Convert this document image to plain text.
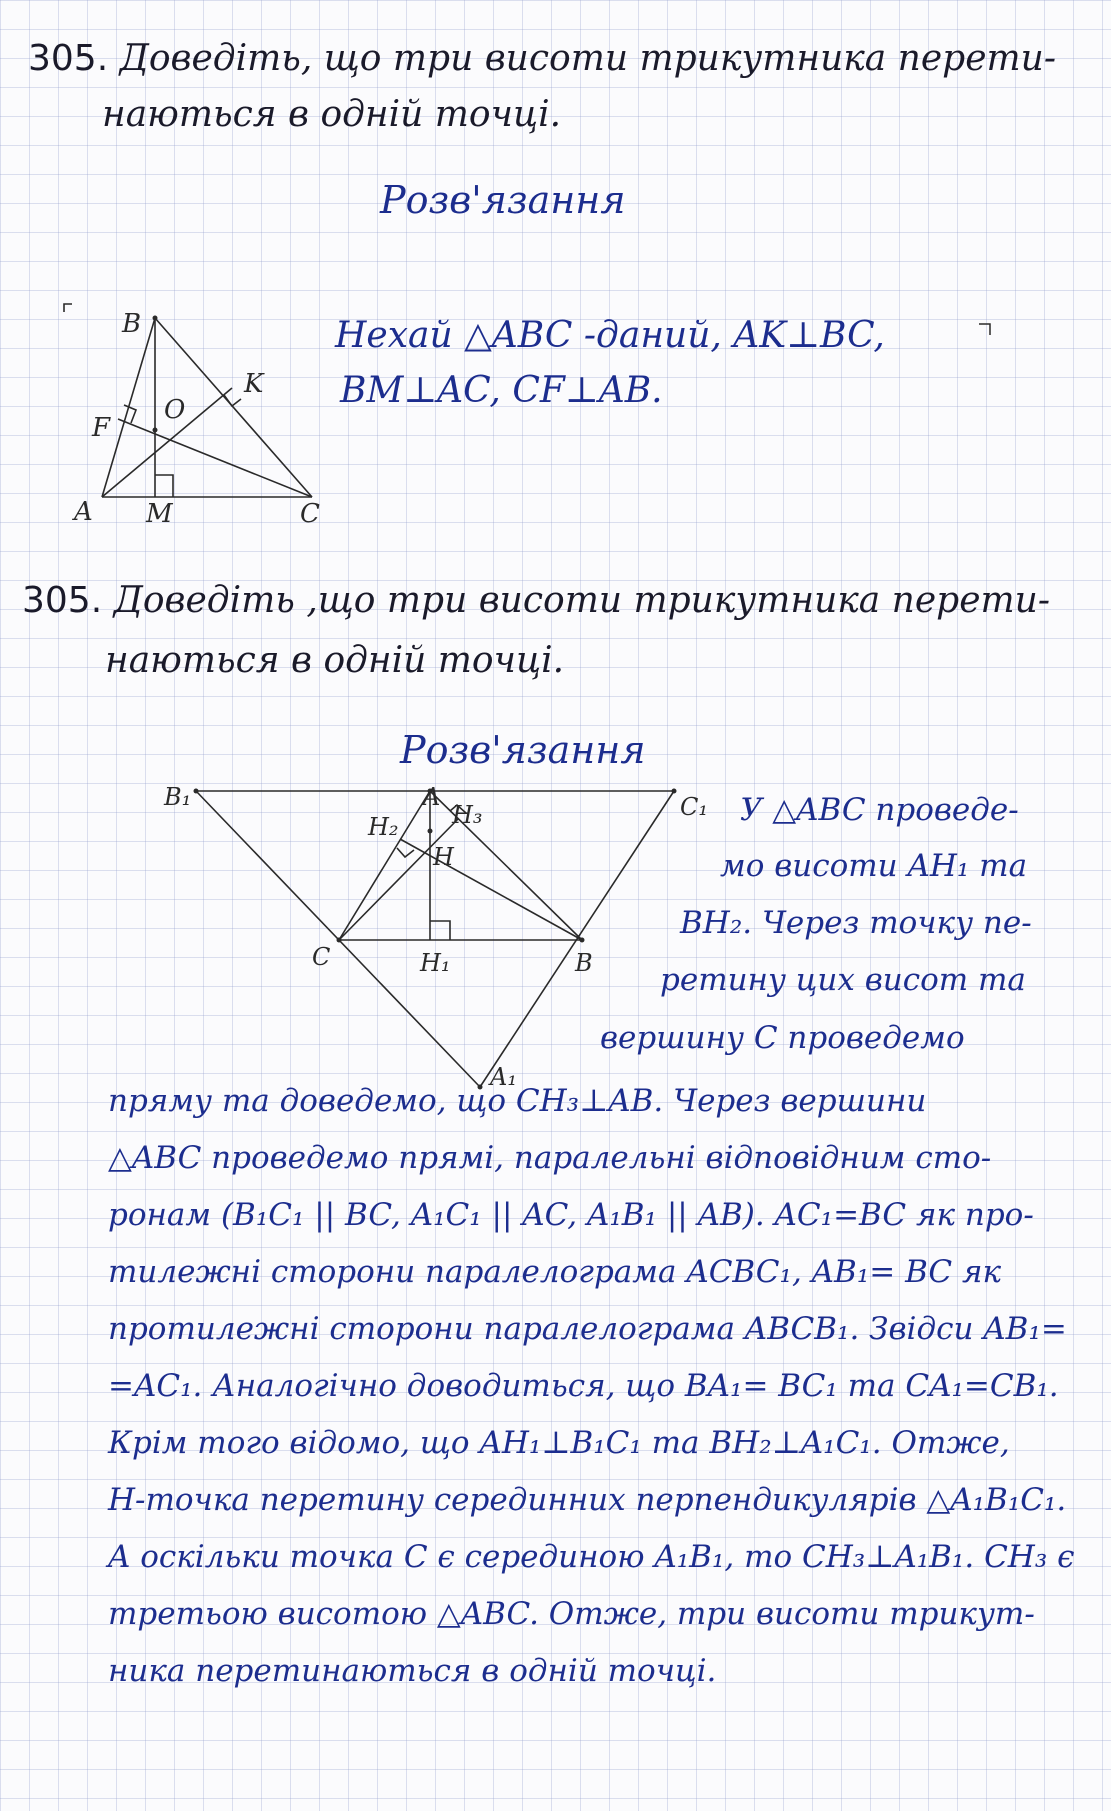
305. Доведіть, що три висоти трикутника перети-
наються в одній точці.
Розв'язання
B
F
O
K
A M	C
Нехай △ABC -даний, AK⊥BC,
BM⊥AC, CF⊥AB.
305. Доведіть ,що три висоти трикутника перети-
наються в одній точці.
Розв'язання
B₁	A
H₂ H₃
H
C₁
C	H₁	B
A₁
У △ABC проведе-
мо висоти AH₁ та
BH₂. Через точку пе-
ретину цих висот та
вершину C проведемо
пряму та доведемо, що CH₃⊥AB. Через вершини
△ABC проведемо прямі, паралельні відповідним сто-
ронам (B₁C₁ || BC, A₁C₁ || AC, A₁B₁ || AB). AC₁=BC як про-
тилежні сторони паралелограма ACBC₁, AB₁= BC як
протилежні сторони паралелограма ABCB₁. Звідси AB₁=
=AC₁. Аналогічно доводиться, що BA₁= BC₁ та CA₁=CB₁.
Крім того відомо, що AH₁⊥B₁C₁ та BH₂⊥A₁C₁. Отже,
H-точка перетину серединних перпендикулярів △A₁B₁C₁.
A оскільки точка C є серединою A₁B₁, то CH₃⊥A₁B₁. CH₃ є
третьою висотою △ABC. Отже, три висоти трикут-
ника перетинаються в одній точці.
